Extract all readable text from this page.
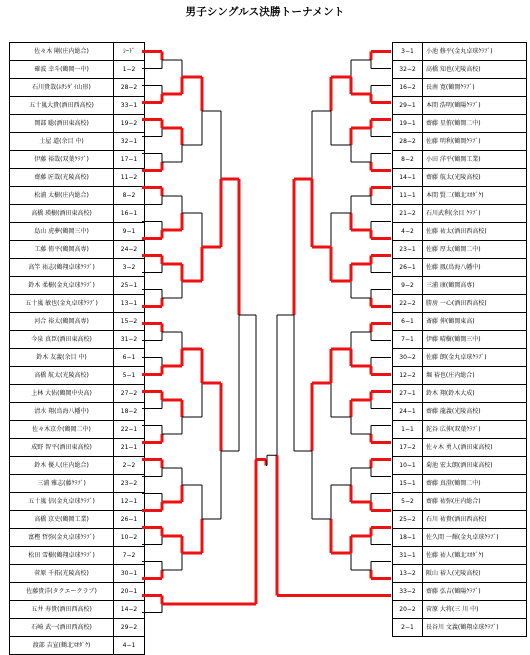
男子シングルス決勝トーナメント
佐々木 剛(庄内総合)	ｼｰﾄﾞ
確波 幸斗(鶴岡一中)	1−2
石川貴哉(ﾑｻｼﾀﾞｲ山形)	28−2
五十嵐大貴(酒田西高校)	33−1
岡部 聡(酒田東高校)	19−2
土屋 道(余目 中)	32−1
伊藤 裕哉(双葉ｸﾗﾌﾞ)	17−1
齋藤 匠哉(光陵高校)	11−2
松浦 太樹(庄内総合)	8−2
高橋 瑛樹(酒田東高校)	16−1
島山 虎夢(鶴岡三中)	9−1
工藤 侑平(鶴岡高専)	24−2
高竿 祐志(鶴翔卓球ｸﾗﾌﾞ)	3−2
鈴木 柔樹(金丸卓球ｸﾗﾌﾞ)	25−1
五十嵐 敏也(金丸卓球ｸﾗﾌﾞ)	13−1
河合 裕太(鶴岡高専)	15−2
今泉 真臣(酒田東高校)	31−2
鈴木 友義(余目 中)	6−1
高橋 航太(光陵高校)	5−1
上林 大佑(鶴岡中央高)	27−2
清水 翔(鳥海八幡中)	18−2
佐々木京介(鶴岡二中)	22−1
成野 智平(酒田東高校)	21−1
鈴木 優人(庄内総合)	2−2
三浦 雅志(藤ｸﾗﾌﾞ)	23−2
五十嵐 信(金丸卓球ｸﾗﾌﾞ)	12−1
高橋 京史(鶴岡工業)	26−1
富樫 哲弥(金丸卓球ｸﾗﾌﾞ)	10−2
松田 雪樹(鶴翔卓球ｸﾗﾌﾞ)	7−2
菅原 千拓(光陵高校)	30−1
佐藤貴洋(タクエークラブ)	20−1
五井 寿貴(酒田西高校)	14−2
石崎 武一(酒田西高校)	29−2
渡部 吉宣(鶴北ｽｵﾀﾞｸ)	4−1
3−1	小池 修平(金丸卓球ｸﾗﾌﾞ)
32−2	高橋 知也(光陵高校)
16−2	長南 寛(鶴岡ｸﾗﾌﾞ)
29−1	本間 浩明(鶴陽ｸﾗﾌﾞ)
19−1	齋藤 星侑(鶴岡二中)
28−2	佐藤 明利(鶴岡ｸﾗﾌﾞ)
8−2	小田 洋平(鶴岡工業)
14−1	齋藤 航太(光陵高校)
11−1	本間 賢二(鶴北ｽｵﾀﾞｸ)
21−2	石川武利(余目 ｸﾗﾌﾞ)
4−2	佐藤 祐太(酒田西高校)
23−1	佐藤 厚太(鶴岡二中)
26−1	佐藤 鳳(鳥海八幡中)
9−2	三浦 康(鶴岡高専)
22−2	勝房 一心(酒田西高校)
6−1	斎藤 伸(鶴岡東高)
7−1	伊藤 晴樹(鶴岡三中)
30−2	佐藤 朗(金丸卓球ｸﾗﾌﾞ)
12−2	堀 裕也(庄内総合)
27−1	鈴木 翔(鈴木大成)
24−1	齋藤 龍義(光陵高校)
1−1	鉈谷 広伸(双葉ｸﾗﾌﾞ)
17−2	佐々木 勇人(酒田東高校)
10−1	菊池 宏太朗(酒田東高校)
15−1	齋藤 真澄(鶴岡二中)
5−2	齋藤 祐弥(庄内総合)
25−2	石川 祐貴(酒田西高校)
18−1	佐久間 一輝(金丸卓球ｸﾗﾌﾞ)
31−1	佐藤 祐人(鶴北ｽｵﾀﾞｸ)
13−2	阪山 裕人(光陵高校)
33−2	齋藤 弘吉(鶴陽ｸﾗﾌﾞ)
20−2	菅原 大将(三 川 中)
2−1	長谷川 文義(鶴翔卓球ｸﾗﾌﾞ)
